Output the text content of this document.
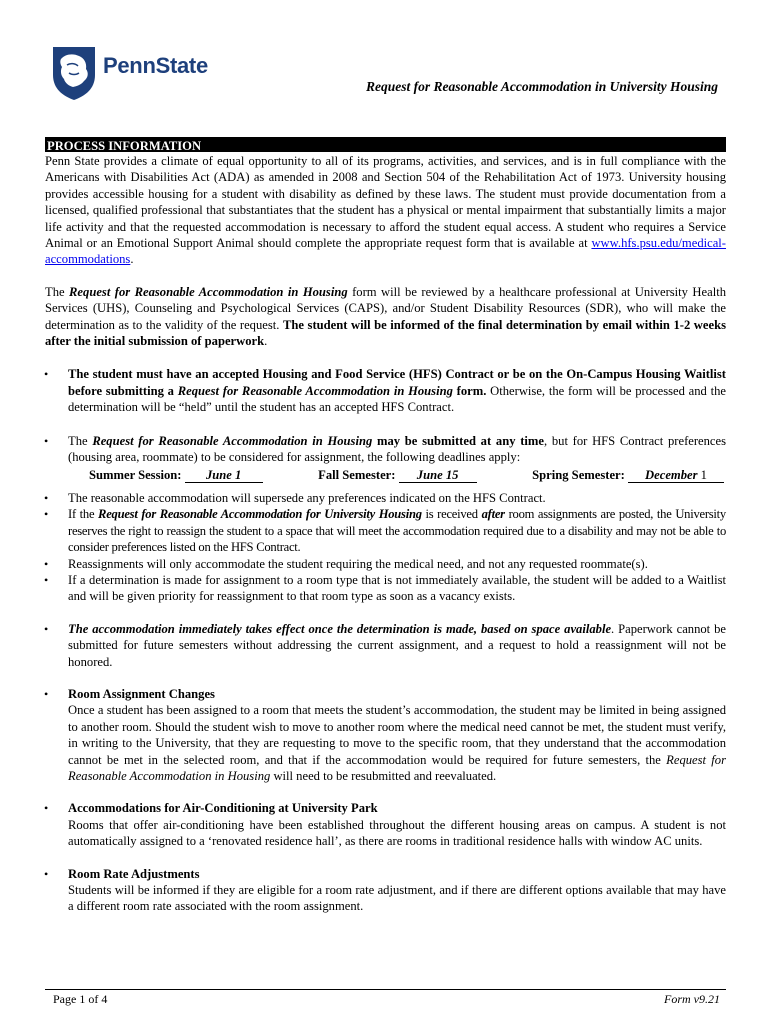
PennState
Request for Reasonable Accommodation in University Housing
PROCESS INFORMATION

Penn State provides a climate of equal opportunity to all of its programs, activities, and services, and is in full compliance with the Americans with Disabilities Act (ADA) as amended in 2008 and Section 504 of the Rehabilitation Act of 1973. University housing provides accessible housing for a student with disability as defined by these laws. The student must provide documentation from a licensed, qualified professional that substantiates that the student has a physical or mental impairment that substantially limits a major life activity and that the requested accommodation is necessary to afford the student equal access. A student who requires a Service Animal or an Emotional Support Animal should complete the appropriate request form that is available at www.hfs.psu.edu/medical-accommodations.

The Request for Reasonable Accommodation in Housing form will be reviewed by a healthcare professional at University Health Services (UHS), Counseling and Psychological Services (CAPS), and/or Student Disability Resources (SDR), who will make the determination as to the validity of the request. The student will be informed of the final determination by email within 1-2 weeks after the initial submission of paperwork.

• The student must have an accepted Housing and Food Service (HFS) Contract or be on the On-Campus Housing Waitlist before submitting a Request for Reasonable Accommodation in Housing form. Otherwise, the form will be processed and the determination will be “held” until the student has an accepted HFS Contract.
• The Request for Reasonable Accommodation in Housing may be submitted at any time, but for HFS Contract preferences (housing area, roommate) to be considered for assignment, the following deadlines apply:
Summer Session: June 1	Fall Semester: June 15	Spring Semester: December 1
• The reasonable accommodation will supersede any preferences indicated on the HFS Contract.
• If the Request for Reasonable Accommodation for University Housing is received after room assignments are posted, the University reserves the right to reassign the student to a space that will meet the accommodation required due to a disability and may not be able to consider preferences listed on the HFS Contract.
• Reassignments will only accommodate the student requiring the medical need, and not any requested roommate(s).
• If a determination is made for assignment to a room type that is not immediately available, the student will be added to a Waitlist and will be given priority for reassignment to that room type as soon as a vacancy exists.
• The accommodation immediately takes effect once the determination is made, based on space available. Paperwork cannot be submitted for future semesters without addressing the current assignment, and a request to hold a reassignment will not be honored.
• Room Assignment Changes
Once a student has been assigned to a room that meets the student’s accommodation, the student may be limited in being assigned to another room. Should the student wish to move to another room where the medical need cannot be met, the student must verify, in writing to the University, that they are requesting to move to the specific room, that they understand that the accommodation cannot be met in the selected room, and that if the accommodation would be required for future semesters, the Request for Reasonable Accommodation in Housing will need to be resubmitted and reevaluated.
• Accommodations for Air-Conditioning at University Park
Rooms that offer air-conditioning have been established throughout the different housing areas on campus. A student is not automatically assigned to a ‘renovated residence hall’, as there are rooms in traditional residence halls with window AC units.
• Room Rate Adjustments
Students will be informed if they are eligible for a room rate adjustment, and if there are different options available that may have a different room rate associated with the room assignment.
Page 1 of 4	Form v9.21
